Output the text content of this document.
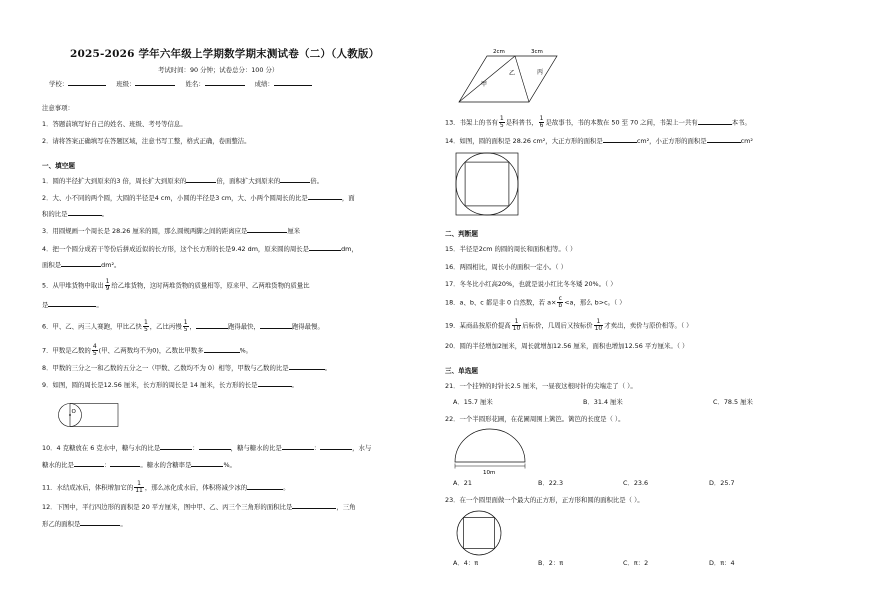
2025-2026 学年六年级上学期数学期末测试卷（二）（人教版）
考试时间：90 分钟；试卷总分：100 分）
学校：	班级：	姓名：	成绩：
注意事项：
1．答题前填写好自己的姓名、班级、考号等信息。
2．请将答案正确填写在答题区域，注意书写工整，格式正确，卷面整洁。
一、填空题
1．圆的半径扩大到原来的3 倍，周长扩大到原来的	倍，面积扩大到原来的	倍。
2．大、小不同的两个圆，大圆的半径是4 cm，小圆的半径是3 cm，大、小两个圆周长的比是	，面
积的比是	。
3．用圆规画一个周长是 28.26 厘米的圆，那么圆规两脚之间的距离应是	厘米
4．把一个圆分成若干等份后拼成近似的长方形，这个长方形的长是9.42 dm，原来圆的周长是	dm，
面积是	dm²。
5．从甲堆货物中取出 $\frac{1}{9}$ 给乙堆货物，这时两堆货物的质量相等，原来甲、乙两堆货物的质量比
是	。
6．甲、乙、丙三人赛跑，甲比乙快 $\frac{1}{5}$ ，乙比丙慢 $\frac{1}{5}$ ，	跑得最快，	跑得最慢。
7．甲数是乙数的 $\frac{4}{5}$ (甲、乙两数均不为0)，乙数比甲数多	%。
8．甲数的三分之一和乙数的五分之一（甲数、乙数均不为 0）相等，甲数与乙数的比是	。
9．如图，圆的周长是12.56 厘米，长方形的周长是 14 厘米，长方形的长是	。
O
10．4 克糖放在 6 克水中，糖与水的比是	：	，糖与糖水的比是	：	，水与
糖水的比是	：	。糖水的含糖率是	%。
11．水结成冰后，体积增加它的 $\frac{1}{11}$ ，那么冰化成水后，体积将减少冰的	。
12．下图中，平行四边形的面积是 20 平方厘米，图中甲、乙、丙三个三角形的面积比是	，三角
形乙的面积是	。
2cm	3cm
甲
乙	丙
13．书架上的书有 $\frac{1}{5}$ 是科普书， $\frac{1}{6}$ 是故事书，书的本数在 50 至 70 之间，书架上一共有	本书。
14．如图，圆的面积是 28.26 cm²，大正方形的面积是	cm²，小正方形的面积是	cm²
二、判断题
15．半径是2cm 的圆的周长和面积相等。（ ）
16．两圆相比，周长小的面积一定小。（ ）
17．冬冬比小红高20%，也就是说小红比冬冬矮 20%。（ ）
18．a、b、c 都是非 0 自然数，若 $a\times \frac{c}{b} <a$，那么 b>c。（ ）
19．某商品按原价提高 $\frac{1}{10}$ 后标价，几周后又按标价 $\frac{1}{10}$ 才卖出，卖价与原价相等。（ ）
20．圆的半径增加2厘米，周长就增加12.56 厘米，面积也增加12.56 平方厘米。（ ）
三、单选题
21．一个挂钟的时针长2.5 厘米，一昼夜这根时针的尖端走了（ ）。
A．15.7 厘米	B．31.4 厘米	C．78.5 厘米
22．一个半圆形花圃，在花圃周围上篱笆。篱笆的长度是（ ）。
10m
A．21	B．22.3	C．23.6	D．25.7
23．在一个圆里面做一个最大的正方形，正方形和圆的面积比是（ ）。
A．4：π	B．2：π	C．π：2	D．π：4
